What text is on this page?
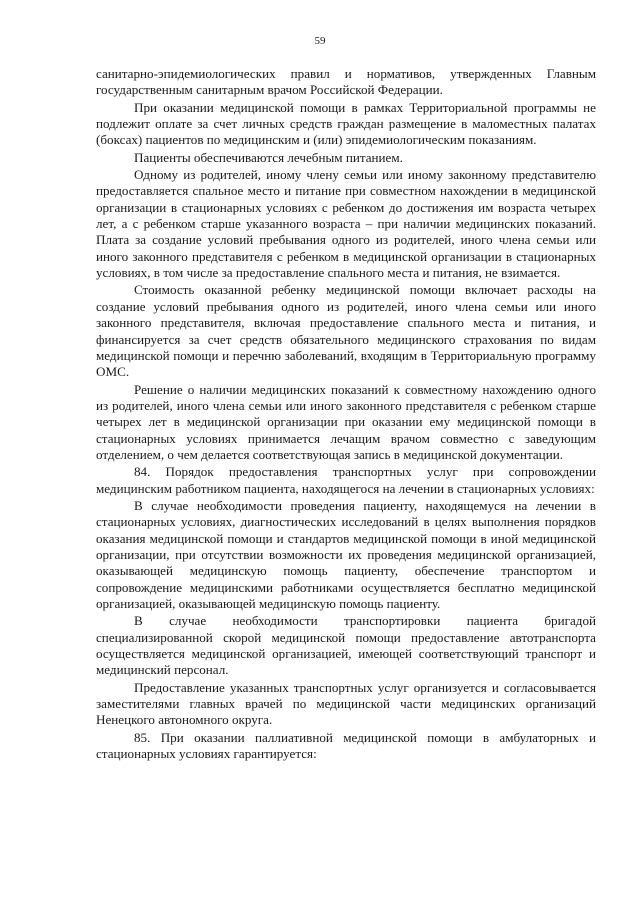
59

санитарно-эпидемиологических правил и нормативов, утвержденных Главным государственным санитарным врачом Российской Федерации.

При оказании медицинской помощи в рамках Территориальной программы не подлежит оплате за счет личных средств граждан размещение в маломестных палатах (боксах) пациентов по медицинским и (или) эпидемиологическим показаниям.

Пациенты обеспечиваются лечебным питанием.

Одному из родителей, иному члену семьи или иному законному представителю предоставляется спальное место и питание при совместном нахождении в медицинской организации в стационарных условиях с ребенком до достижения им возраста четырех лет, а с ребенком старше указанного возраста – при наличии медицинских показаний. Плата за создание условий пребывания одного из родителей, иного члена семьи или иного законного представителя с ребенком в медицинской организации в стационарных условиях, в том числе за предоставление спального места и питания, не взимается.

Стоимость оказанной ребенку медицинской помощи включает расходы на создание условий пребывания одного из родителей, иного члена семьи или иного законного представителя, включая предоставление спального места и питания, и финансируется за счет средств обязательного медицинского страхования по видам медицинской помощи и перечню заболеваний, входящим в Территориальную программу ОМС.

Решение о наличии медицинских показаний к совместному нахождению одного из родителей, иного члена семьи или иного законного представителя с ребенком старше четырех лет в медицинской организации при оказании ему медицинской помощи в стационарных условиях принимается лечащим врачом совместно с заведующим отделением, о чем делается соответствующая запись в медицинской документации.

84. Порядок предоставления транспортных услуг при сопровождении медицинским работником пациента, находящегося на лечении в стационарных условиях:

В случае необходимости проведения пациенту, находящемуся на лечении в стационарных условиях, диагностических исследований в целях выполнения порядков оказания медицинской помощи и стандартов медицинской помощи в иной медицинской организации, при отсутствии возможности их проведения медицинской организацией, оказывающей медицинскую помощь пациенту, обеспечение транспортом и сопровождение медицинскими работниками осуществляется бесплатно медицинской организацией, оказывающей медицинскую помощь пациенту.

В случае необходимости транспортировки пациента бригадой специализированной скорой медицинской помощи предоставление автотранспорта осуществляется медицинской организацией, имеющей соответствующий транспорт и медицинский персонал.

Предоставление указанных транспортных услуг организуется и согласовывается заместителями главных врачей по медицинской части медицинских организаций Ненецкого автономного округа.

85. При оказании паллиативной медицинской помощи в амбулаторных и стационарных условиях гарантируется:
